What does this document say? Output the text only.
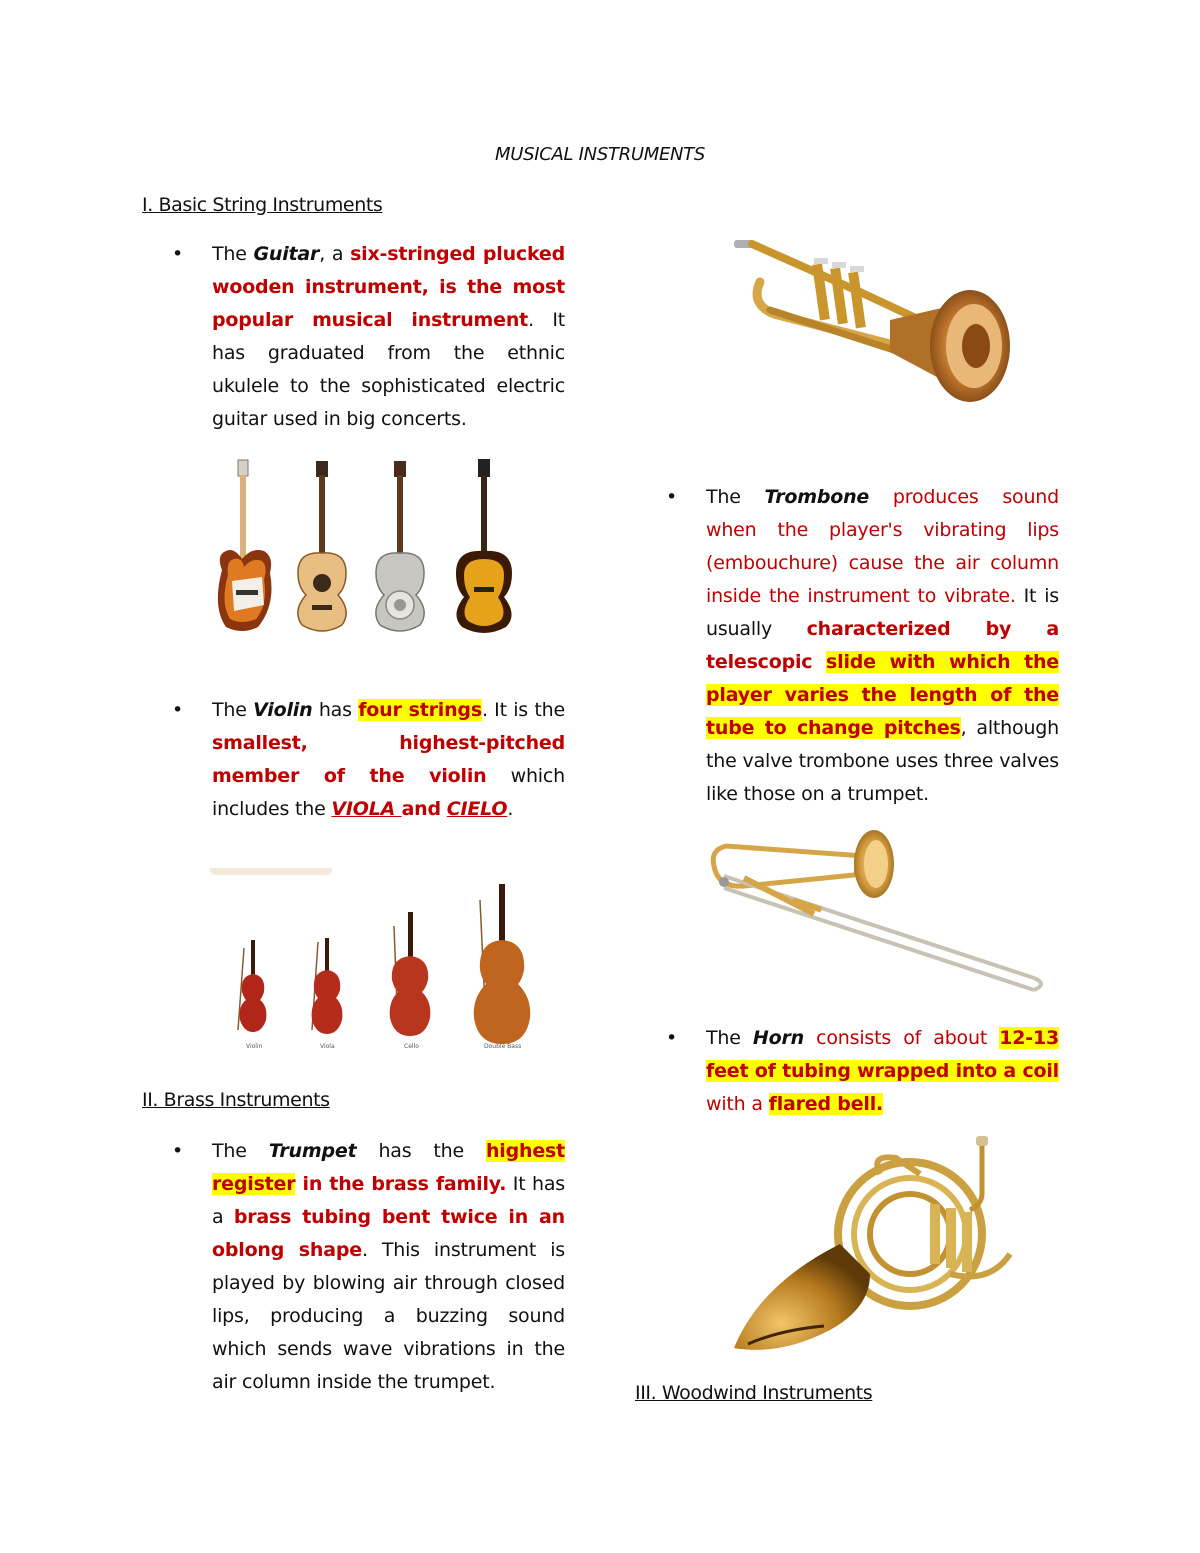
MUSICAL INSTRUMENTS
I. Basic String Instruments
• The Guitar, a six-stringed plucked wooden instrument, is the most popular musical instrument. It has graduated from the ethnic ukulele to the sophisticated electric guitar used in big concerts.
• The Violin has four strings. It is the smallest, highest-pitched member of the violin which includes the VIOLA and CIELO.
Violin	Viola	Cello	Double Bass
II. Brass Instruments
• The Trumpet has the highest register in the brass family. It has a brass tubing bent twice in an oblong shape. This instrument is played by blowing air through closed lips, producing a buzzing sound which sends wave vibrations in the air column inside the trumpet.
• The Trombone produces sound when the player's vibrating lips (embouchure) cause the air column inside the instrument to vibrate. It is usually characterized by a telescopic slide with which the player varies the length of the tube to change pitches, although the valve trombone uses three valves like those on a trumpet.
• The Horn consists of about 12-13 feet of tubing wrapped into a coil with a flared bell.
III. Woodwind Instruments
